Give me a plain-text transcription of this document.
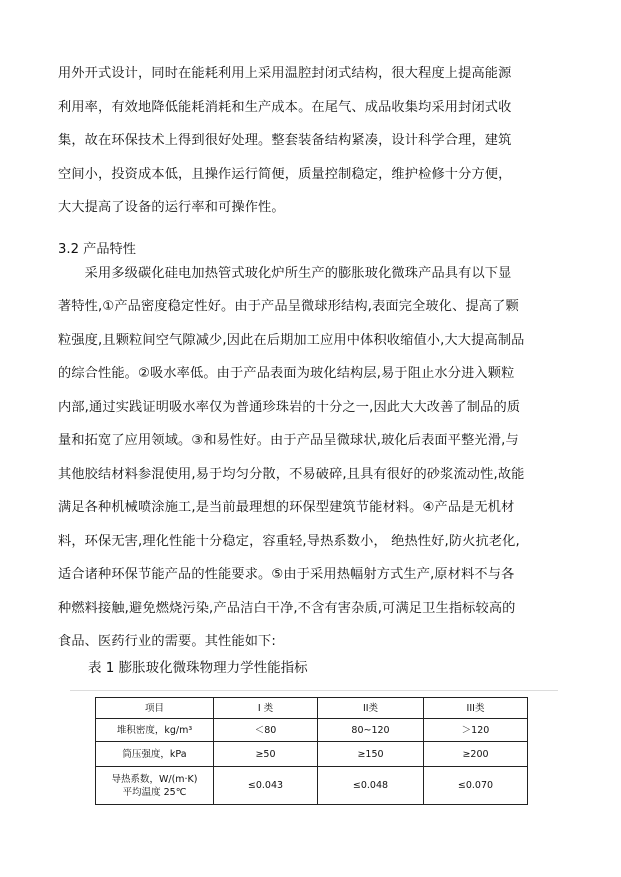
用外开式设计，同时在能耗利用上采用温腔封闭式结构，很大程度上提高能源
利用率，有效地降低能耗消耗和生产成本。在尾气、成品收集均采用封闭式收
集，故在环保技术上得到很好处理。整套装备结构紧凑，设计科学合理，建筑
空间小，投资成本低，且操作运行简便，质量控制稳定，维护检修十分方便，
大大提高了设备的运行率和可操作性。
3.2 产品特性
　　采用多级碳化硅电加热管式玻化炉所生产的膨胀玻化微珠产品具有以下显
著特性,①产品密度稳定性好。由于产品呈微球形结构,表面完全玻化、提高了颗
粒强度,且颗粒间空气隙减少,因此在后期加工应用中体积收缩值小,大大提高制品
的综合性能。②吸水率低。由于产品表面为玻化结构层,易于阻止水分进入颗粒
内部,通过实践证明吸水率仅为普通珍珠岩的十分之一,因此大大改善了制品的质
量和拓宽了应用领域。③和易性好。由于产品呈微球状,玻化后表面平整光滑,与
其他胶结材料参混使用,易于均匀分散，不易破碎,且具有很好的砂浆流动性,故能
满足各种机械喷涂施工,是当前最理想的环保型建筑节能材料。④产品是无机材
料，环保无害,理化性能十分稳定，容重轻,导热系数小， 绝热性好,防火抗老化,
适合诸种环保节能产品的性能要求。⑤由于采用热幅射方式生产,原材料不与各
种燃料接触,避免燃烧污染,产品洁白干净,不含有害杂质,可满足卫生指标较高的
食品、医药行业的需要。其性能如下:
表 1 膨胀玻化微珠物理力学性能指标
项目	I 类	II类	III类
堆积密度，kg/m³	＜80	80~120	＞120
筒压强度，kPa	≥50	≥150	≥200

导热系数，W/(m·K)
平均温度 25℃	≤0.043	≤0.048	≤0.070
